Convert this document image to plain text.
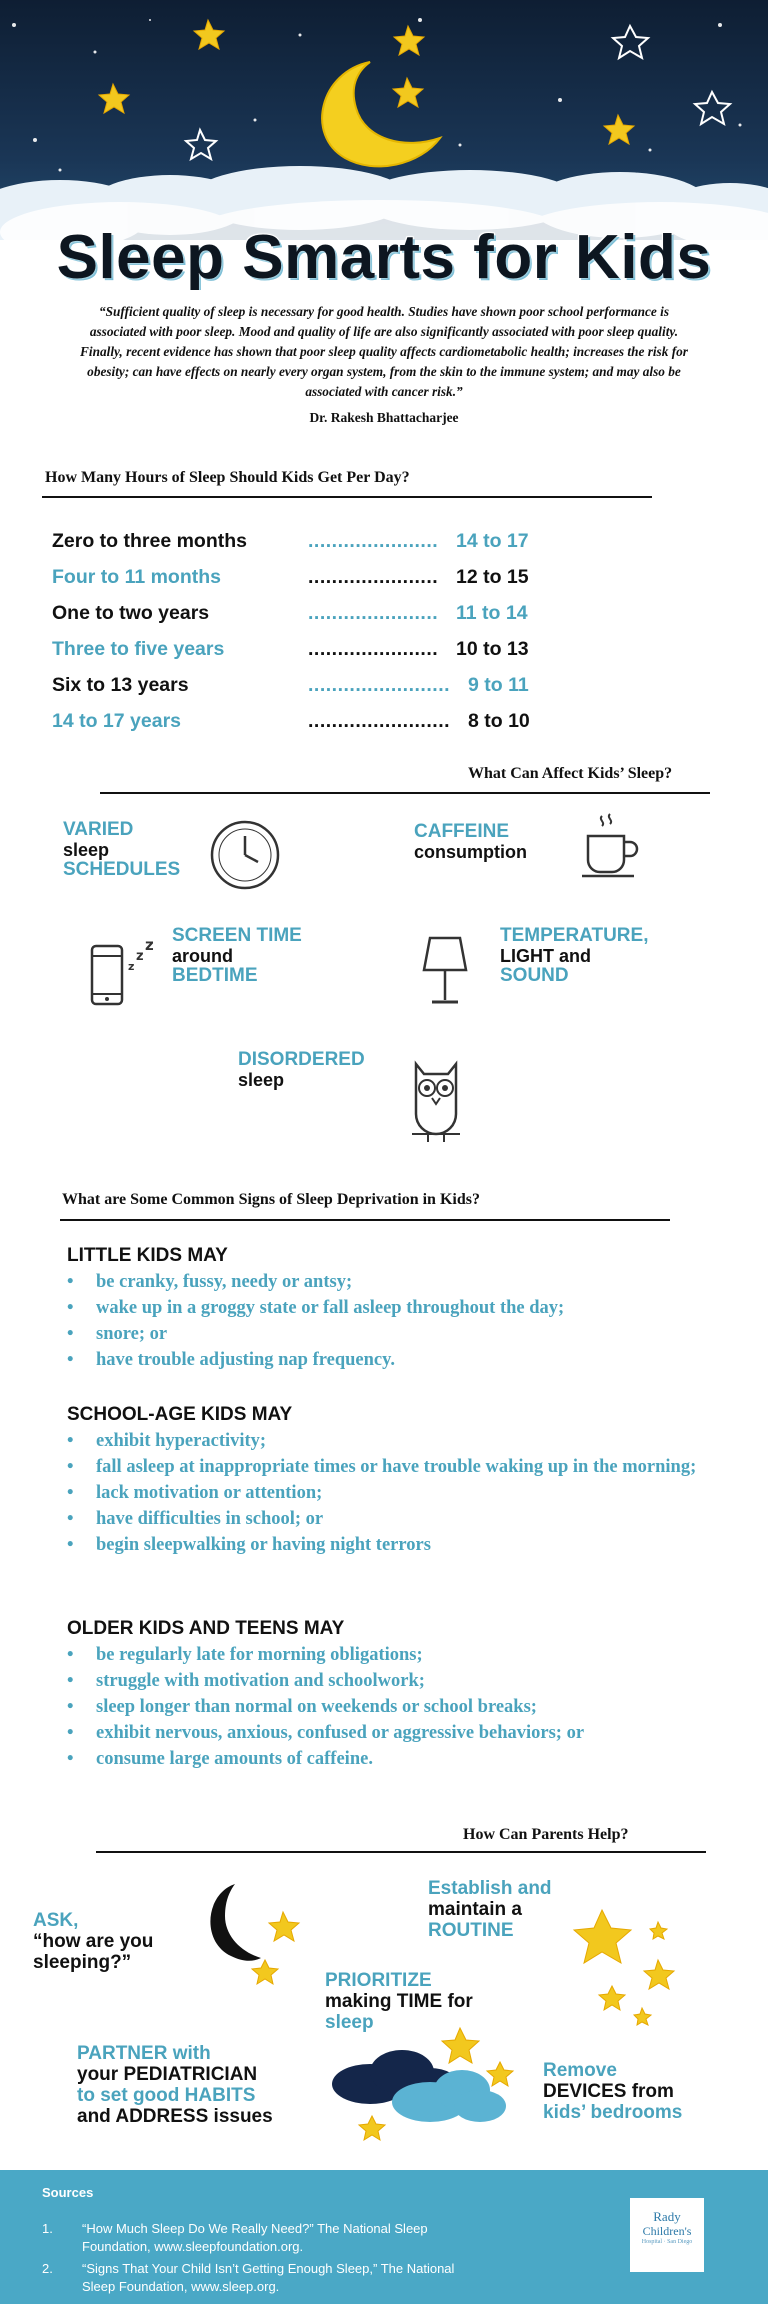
Sleep Smarts for Kids
“Sufficient quality of sleep is necessary for good health. Studies have shown poor school performance is associated with poor sleep. Mood and quality of life are also significantly associated with poor sleep quality. Finally, recent evidence has shown that poor sleep quality affects cardiometabolic health; increases the risk for obesity; can have effects on nearly every organ system, from the skin to the immune system; and may also be associated with cancer risk.”
Dr. Rakesh Bhattacharjee
How Many Hours of Sleep Should Kids Get Per Day?
Zero to three months	...................... 14 to 17
Four to 11 months	...................... 12 to 15
One to two years	...................... 11 to 14
Three to five years	...................... 10 to 13
Six to 13 years	........................ 9 to 11
14 to 17 years	........................ 8 to 10
What Can Affect Kids’ Sleep?
VARIED
sleep
SCHEDULES
CAFFEINE
consumption
z
z
z SCREEN TIME
around
BEDTIME
TEMPERATURE,
LIGHT and
SOUND
DISORDERED
sleep
What are Some Common Signs of Sleep Deprivation in Kids?
LITTLE KIDS MAY
• be cranky, fussy, needy or antsy;
• wake up in a groggy state or fall asleep throughout the day;
• snore; or
• have trouble adjusting nap frequency.
SCHOOL-AGE KIDS MAY
• exhibit hyperactivity;
• fall asleep at inappropriate times or have trouble waking up in the morning;
• lack motivation or attention;
• have difficulties in school; or
• begin sleepwalking or having night terrors
OLDER KIDS AND TEENS MAY
• be regularly late for morning obligations;
• struggle with motivation and schoolwork;
• sleep longer than normal on weekends or school breaks;
• exhibit nervous, anxious, confused or aggressive behaviors; or
• consume large amounts of caffeine.
How Can Parents Help?
ASK,
“how are you
sleeping?”
Establish and
maintain a
ROUTINE
PRIORITIZE
making TIME for
sleep
PARTNER with
your PEDIATRICIAN
to set good HABITS
and ADDRESS issues
Remove
DEVICES from
kids’ bedrooms
Sources
1. “How Much Sleep Do We Really Need?” The National Sleep Foundation, www.sleepfoundation.org.
2. “Signs That Your Child Isn’t Getting Enough Sleep,” The National Sleep Foundation, www.sleep.org.
Rady
Children's
Hospital · San Diego
